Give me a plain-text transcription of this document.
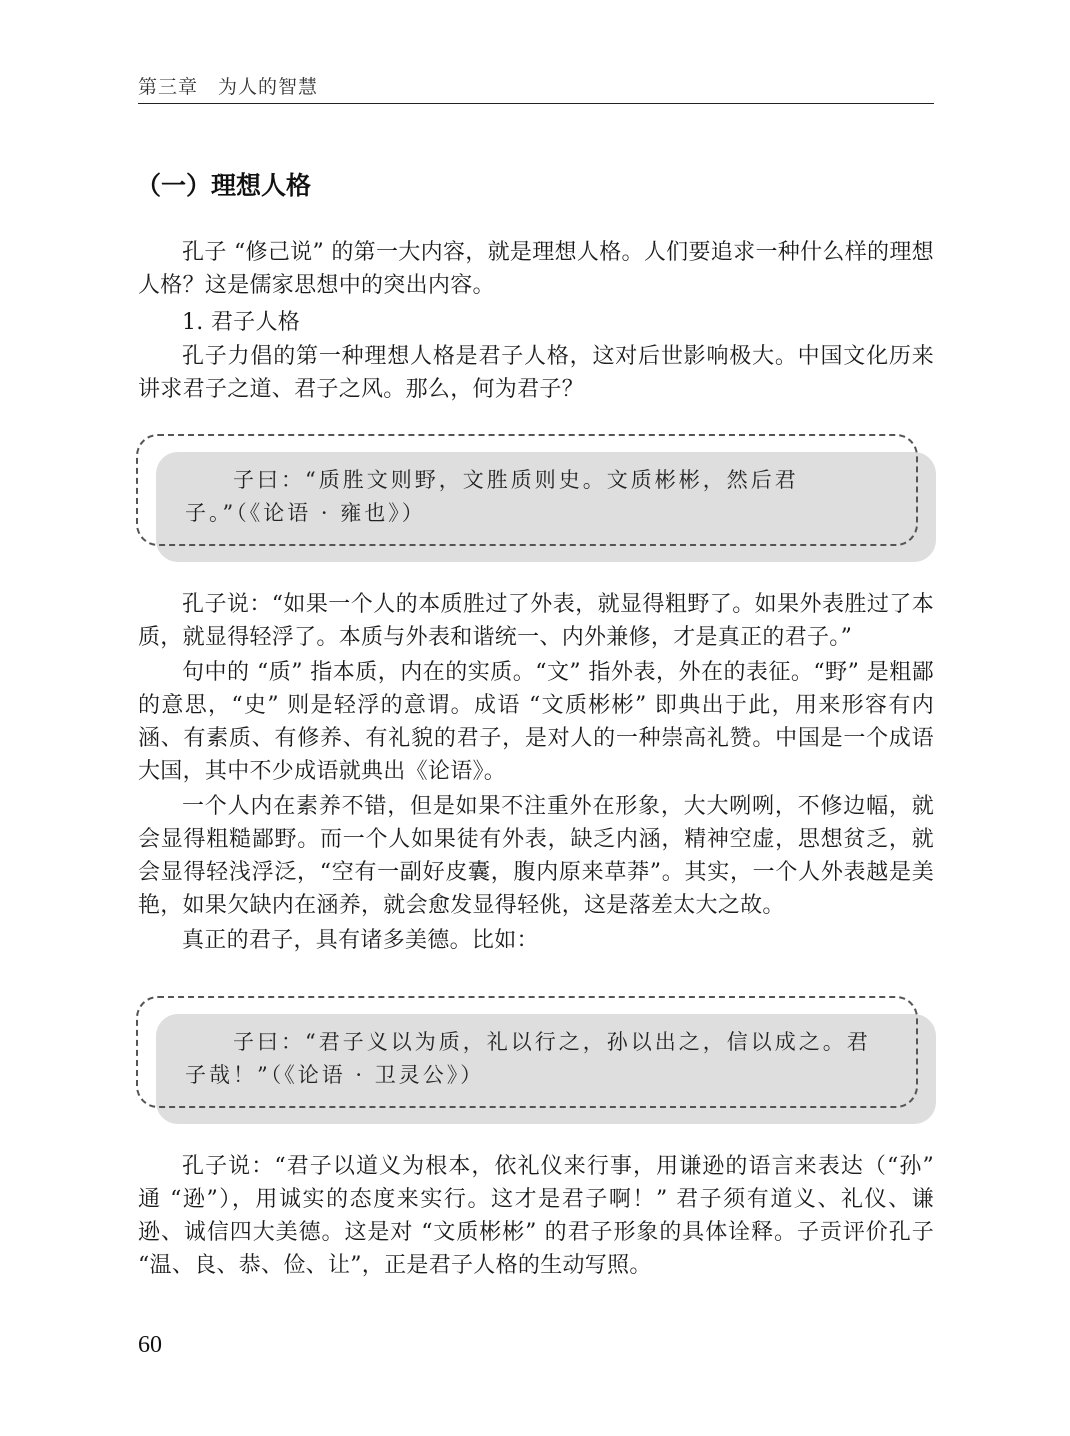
第三章　为人的智慧
（一）理想人格

孔子 “修己说” 的第一大内容，就是理想人格。人们要追求一种什么样的理想人格？这是儒家思想中的突出内容。

1. 君子人格

孔子力倡的第一种理想人格是君子人格，这对后世影响极大。中国文化历来讲求君子之道、君子之风。那么，何为君子？

子曰：“质胜文则野，文胜质则史。文质彬彬，然后君子。”（《论语 · 雍也》）

孔子说：“如果一个人的本质胜过了外表，就显得粗野了。如果外表胜过了本质，就显得轻浮了。本质与外表和谐统一、内外兼修，才是真正的君子。”

句中的 “质” 指本质，内在的实质。“文” 指外表，外在的表征。“野” 是粗鄙的意思，“史” 则是轻浮的意谓。成语 “文质彬彬” 即典出于此，用来形容有内涵、有素质、有修养、有礼貌的君子，是对人的一种崇高礼赞。中国是一个成语大国，其中不少成语就典出《论语》。

一个人内在素养不错，但是如果不注重外在形象，大大咧咧，不修边幅，就会显得粗糙鄙野。而一个人如果徒有外表，缺乏内涵，精神空虚，思想贫乏，就会显得轻浅浮泛，“空有一副好皮囊，腹内原来草莽”。其实，一个人外表越是美艳，如果欠缺内在涵养，就会愈发显得轻佻，这是落差太大之故。

真正的君子，具有诸多美德。比如：

子曰：“君子义以为质，礼以行之，孙以出之，信以成之。君子哉！”（《论语 · 卫灵公》）

孔子说：“君子以道义为根本，依礼仪来行事，用谦逊的语言来表达（“孙” 通 “逊”），用诚实的态度来实行。这才是君子啊！” 君子须有道义、礼仪、谦逊、诚信四大美德。这是对 “文质彬彬” 的君子形象的具体诠释。子贡评价孔子 “温、良、恭、俭、让”，正是君子人格的生动写照。

60
